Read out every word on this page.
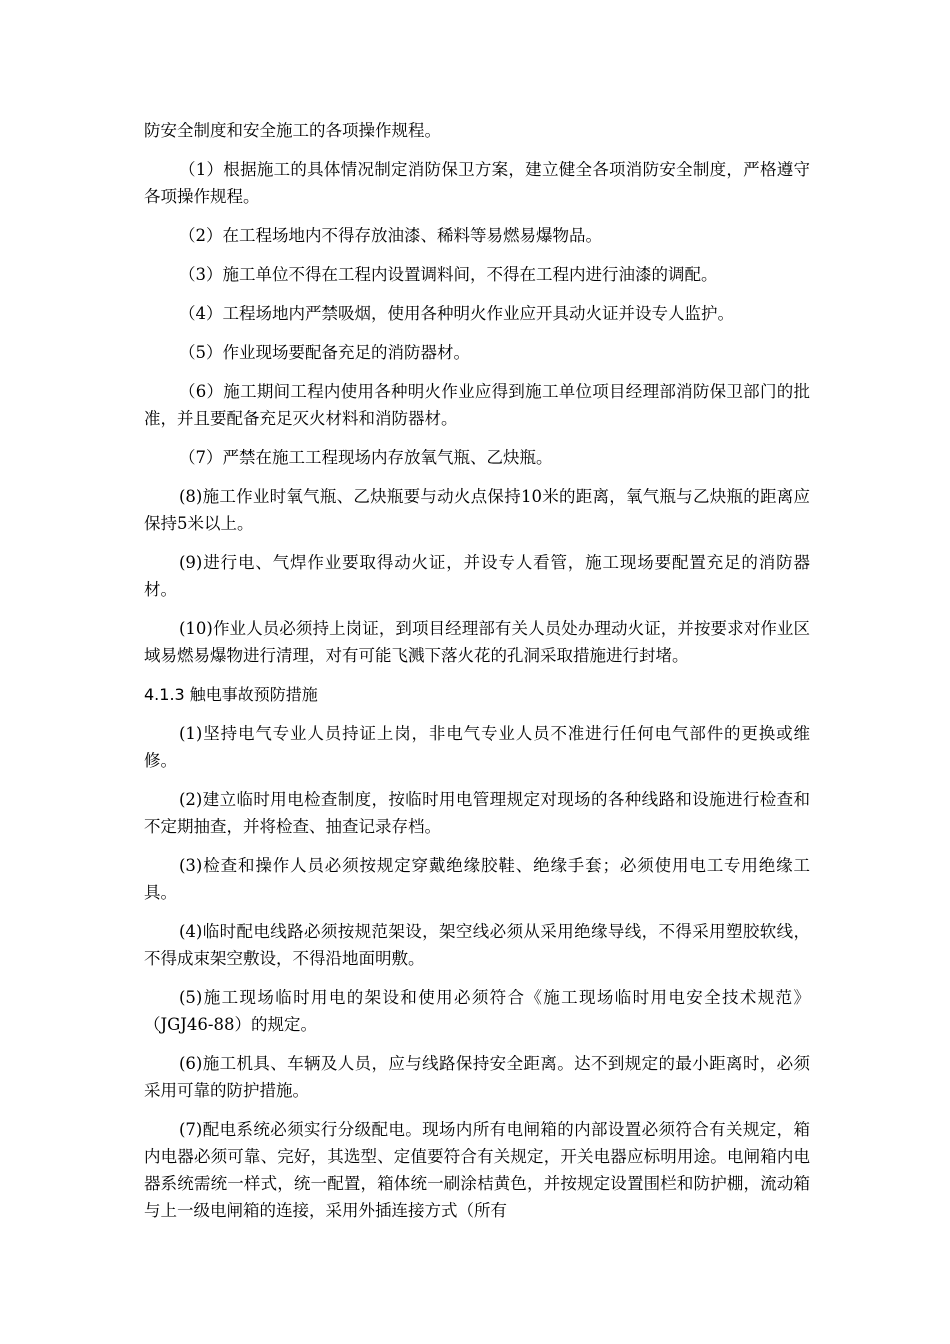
防安全制度和安全施工的各项操作规程。

（1）根据施工的具体情况制定消防保卫方案，建立健全各项消防安全制度，严格遵守各项操作规程。

（2）在工程场地内不得存放油漆、稀料等易燃易爆物品。

（3）施工单位不得在工程内设置调料间，不得在工程内进行油漆的调配。

（4）工程场地内严禁吸烟，使用各种明火作业应开具动火证并设专人监护。

（5）作业现场要配备充足的消防器材。

（6）施工期间工程内使用各种明火作业应得到施工单位项目经理部消防保卫部门的批准，并且要配备充足灭火材料和消防器材。

（7）严禁在施工工程现场内存放氧气瓶、乙炔瓶。

(8)施工作业时氧气瓶、乙炔瓶要与动火点保持10米的距离，氧气瓶与乙炔瓶的距离应保持5米以上。

(9)进行电、气焊作业要取得动火证，并设专人看管，施工现场要配置充足的消防器材。

(10)作业人员必须持上岗证，到项目经理部有关人员处办理动火证，并按要求对作业区域易燃易爆物进行清理，对有可能飞溅下落火花的孔洞采取措施进行封堵。

4.1.3 触电事故预防措施

(1)坚持电气专业人员持证上岗，非电气专业人员不准进行任何电气部件的更换或维修。

(2)建立临时用电检查制度，按临时用电管理规定对现场的各种线路和设施进行检查和不定期抽查，并将检查、抽查记录存档。

(3)检查和操作人员必须按规定穿戴绝缘胶鞋、绝缘手套；必须使用电工专用绝缘工具。

(4)临时配电线路必须按规范架设，架空线必须从采用绝缘导线，不得采用塑胶软线，不得成束架空敷设，不得沿地面明敷。

(5)施工现场临时用电的架设和使用必须符合《施工现场临时用电安全技术规范》（JGJ46-88）的规定。

(6)施工机具、车辆及人员，应与线路保持安全距离。达不到规定的最小距离时，必须采用可靠的防护措施。

(7)配电系统必须实行分级配电。现场内所有电闸箱的内部设置必须符合有关规定，箱内电器必须可靠、完好，其选型、定值要符合有关规定，开关电器应标明用途。电闸箱内电器系统需统一样式，统一配置，箱体统一刷涂桔黄色，并按规定设置围栏和防护棚，流动箱与上一级电闸箱的连接，采用外插连接方式（所有
